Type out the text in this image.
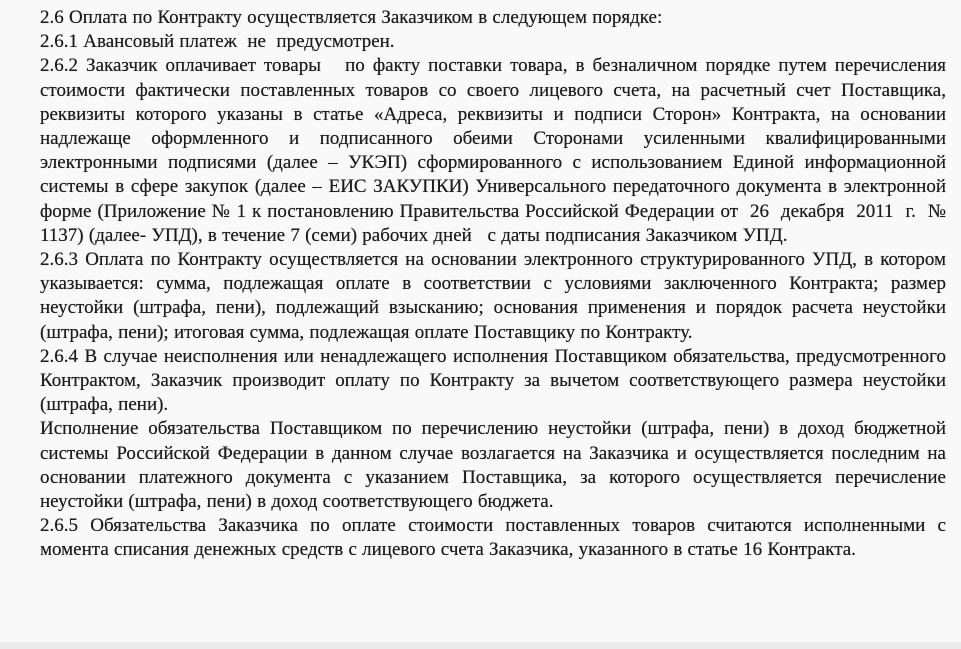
2.6 Оплата по Контракту осуществляется Заказчиком в следующем порядке:

2.6.1 Авансовый платеж  не  предусмотрен.

2.6.2 Заказчик оплачивает товары   по факту поставки товара, в безналичном порядке путем перечисления стоимости фактически поставленных товаров со своего лицевого счета, на расчетный счет Поставщика, реквизиты которого указаны в статье «Адреса, реквизиты и подписи Сторон» Контракта, на основании надлежаще оформленного и подписанного обеими Сторонами усиленными квалифицированными электронными подписями (далее – УКЭП) сформированного с использованием Единой информационной системы в сфере закупок (далее – ЕИС ЗАКУПКИ) Универсального передаточного документа в электронной форме (Приложение № 1 к постановлению Правительства Российской Федерации от  26  декабря  2011  г.  № 1137) (далее- УПД), в течение 7 (семи) рабочих дней   с даты подписания Заказчиком УПД.

2.6.3 Оплата по Контракту осуществляется на основании электронного структурированного УПД, в котором указывается: сумма, подлежащая оплате в соответствии с условиями заключенного Контракта; размер неустойки (штрафа, пени), подлежащий взысканию; основания применения и порядок расчета неустойки (штрафа, пени); итоговая сумма, подлежащая оплате Поставщику по Контракту.

2.6.4 В случае неисполнения или ненадлежащего исполнения Поставщиком обязательства, предусмотренного Контрактом, Заказчик производит оплату по Контракту за вычетом соответствующего размера неустойки (штрафа, пени).

Исполнение обязательства Поставщиком по перечислению неустойки (штрафа, пени) в доход бюджетной системы Российской Федерации в данном случае возлагается на Заказчика и осуществляется последним на основании платежного документа с указанием Поставщика, за которого осуществляется перечисление неустойки (штрафа, пени) в доход соответствующего бюджета.

2.6.5 Обязательства Заказчика по оплате стоимости поставленных товаров считаются исполненными с момента списания денежных средств с лицевого счета Заказчика, указанного в статье 16 Контракта.
